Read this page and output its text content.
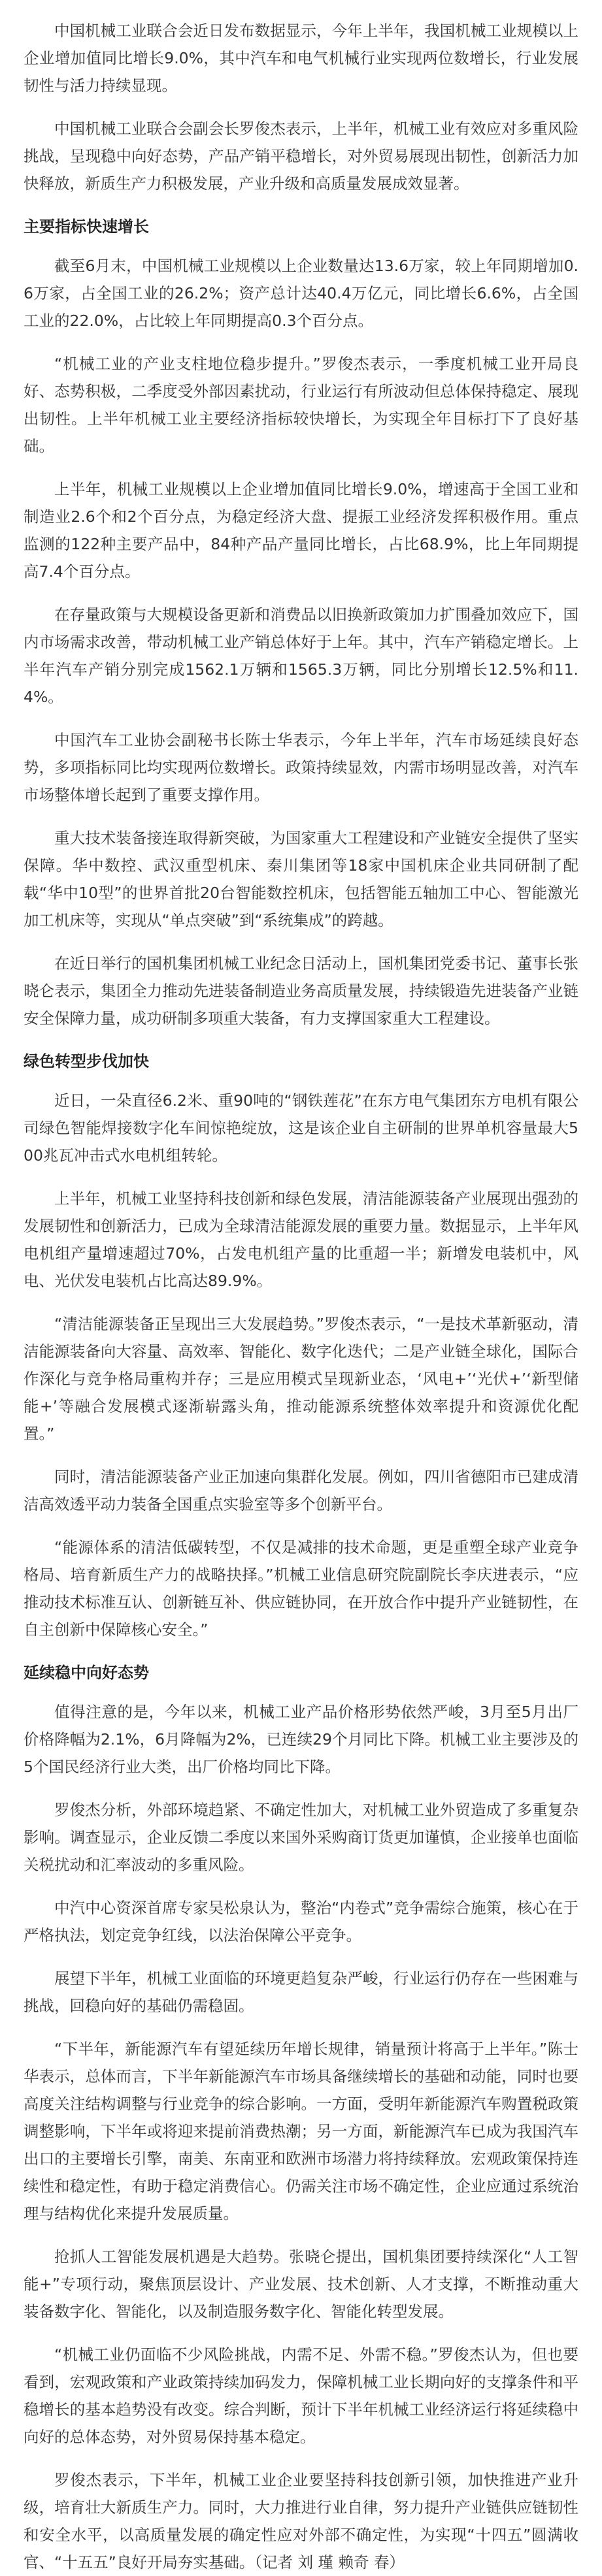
中国机械工业联合会近日发布数据显示，今年上半年，我国机械工业规模以上企业增加值同比增长9.0%，其中汽车和电气机械行业实现两位数增长，行业发展韧性与活力持续显现。

中国机械工业联合会副会长罗俊杰表示，上半年，机械工业有效应对多重风险挑战，呈现稳中向好态势，产品产销平稳增长，对外贸易展现出韧性，创新活力加快释放，新质生产力积极发展，产业升级和高质量发展成效显著。

主要指标快速增长

截至6月末，中国机械工业规模以上企业数量达13.6万家，较上年同期增加0.6万家，占全国工业的26.2%；资产总计达40.4万亿元，同比增长6.6%，占全国工业的22.0%，占比较上年同期提高0.3个百分点。

“机械工业的产业支柱地位稳步提升。”罗俊杰表示，一季度机械工业开局良好、态势积极，二季度受外部因素扰动，行业运行有所波动但总体保持稳定、展现出韧性。上半年机械工业主要经济指标较快增长，为实现全年目标打下了良好基础。

上半年，机械工业规模以上企业增加值同比增长9.0%，增速高于全国工业和制造业2.6个和2个百分点，为稳定经济大盘、提振工业经济发挥积极作用。重点监测的122种主要产品中，84种产品产量同比增长，占比68.9%，比上年同期提高7.4个百分点。

在存量政策与大规模设备更新和消费品以旧换新政策加力扩围叠加效应下，国内市场需求改善，带动机械工业产销总体好于上年。其中，汽车产销稳定增长。上半年汽车产销分别完成1562.1万辆和1565.3万辆，同比分别增长12.5%和11.4%。

中国汽车工业协会副秘书长陈士华表示，今年上半年，汽车市场延续良好态势，多项指标同比均实现两位数增长。政策持续显效，内需市场明显改善，对汽车市场整体增长起到了重要支撑作用。

重大技术装备接连取得新突破，为国家重大工程建设和产业链安全提供了坚实保障。华中数控、武汉重型机床、秦川集团等18家中国机床企业共同研制了配载“华中10型”的世界首批20台智能数控机床，包括智能五轴加工中心、智能激光加工机床等，实现从“单点突破”到“系统集成”的跨越。

在近日举行的国机集团机械工业纪念日活动上，国机集团党委书记、董事长张晓仑表示，集团全力推动先进装备制造业务高质量发展，持续锻造先进装备产业链安全保障力量，成功研制多项重大装备，有力支撑国家重大工程建设。

绿色转型步伐加快

近日，一朵直径6.2米、重90吨的“钢铁莲花”在东方电气集团东方电机有限公司绿色智能焊接数字化车间惊艳绽放，这是该企业自主研制的世界单机容量最大500兆瓦冲击式水电机组转轮。

上半年，机械工业坚持科技创新和绿色发展，清洁能源装备产业展现出强劲的发展韧性和创新活力，已成为全球清洁能源发展的重要力量。数据显示，上半年风电机组产量增速超过70%，占发电机组产量的比重超一半；新增发电装机中，风电、光伏发电装机占比高达89.9%。

“清洁能源装备正呈现出三大发展趋势。”罗俊杰表示，“一是技术革新驱动，清洁能源装备向大容量、高效率、智能化、数字化迭代；二是产业链全球化，国际合作深化与竞争格局重构并存；三是应用模式呈现新业态，‘风电+’‘光伏+’‘新型储能+’等融合发展模式逐渐崭露头角，推动能源系统整体效率提升和资源优化配置。”

同时，清洁能源装备产业正加速向集群化发展。例如，四川省德阳市已建成清洁高效透平动力装备全国重点实验室等多个创新平台。

“能源体系的清洁低碳转型，不仅是减排的技术命题，更是重塑全球产业竞争格局、培育新质生产力的战略抉择。”机械工业信息研究院副院长李庆进表示，“应推动技术标准互认、创新链互补、供应链协同，在开放合作中提升产业链韧性，在自主创新中保障核心安全。”

延续稳中向好态势

值得注意的是，今年以来，机械工业产品价格形势依然严峻，3月至5月出厂价格降幅为2.1%，6月降幅为2%，已连续29个月同比下降。机械工业主要涉及的5个国民经济行业大类，出厂价格均同比下降。

罗俊杰分析，外部环境趋紧、不确定性加大，对机械工业外贸造成了多重复杂影响。调查显示，企业反馈二季度以来国外采购商订货更加谨慎，企业接单也面临关税扰动和汇率波动的多重风险。

中汽中心资深首席专家吴松泉认为，整治“内卷式”竞争需综合施策，核心在于严格执法，划定竞争红线，以法治保障公平竞争。

展望下半年，机械工业面临的环境更趋复杂严峻，行业运行仍存在一些困难与挑战，回稳向好的基础仍需稳固。

“下半年，新能源汽车有望延续历年增长规律，销量预计将高于上半年。”陈士华表示，总体而言，下半年新能源汽车市场具备继续增长的基础和动能，同时也要高度关注结构调整与行业竞争的综合影响。一方面，受明年新能源汽车购置税政策调整影响，下半年或将迎来提前消费热潮；另一方面，新能源汽车已成为我国汽车出口的主要增长引擎，南美、东南亚和欧洲市场潜力将持续释放。宏观政策保持连续性和稳定性，有助于稳定消费信心。仍需关注市场不确定性，企业应通过系统治理与结构优化来提升发展质量。

抢抓人工智能发展机遇是大趋势。张晓仑提出，国机集团要持续深化“人工智能+”专项行动，聚焦顶层设计、产业发展、技术创新、人才支撑，不断推动重大装备数字化、智能化，以及制造服务数字化、智能化转型发展。

“机械工业仍面临不少风险挑战，内需不足、外需不稳。”罗俊杰认为，但也要看到，宏观政策和产业政策持续加码发力，保障机械工业长期向好的支撑条件和平稳增长的基本趋势没有改变。综合判断，预计下半年机械工业经济运行将延续稳中向好的总体态势，对外贸易保持基本稳定。

罗俊杰表示，下半年，机械工业企业要坚持科技创新引领，加快推进产业升级，培育壮大新质生产力。同时，大力推进行业自律，努力提升产业链供应链韧性和安全水平，以高质量发展的确定性应对外部不确定性，为实现“十四五”圆满收官、“十五五”良好开局夯实基础。（记者 刘 瑾 赖奇 春）
